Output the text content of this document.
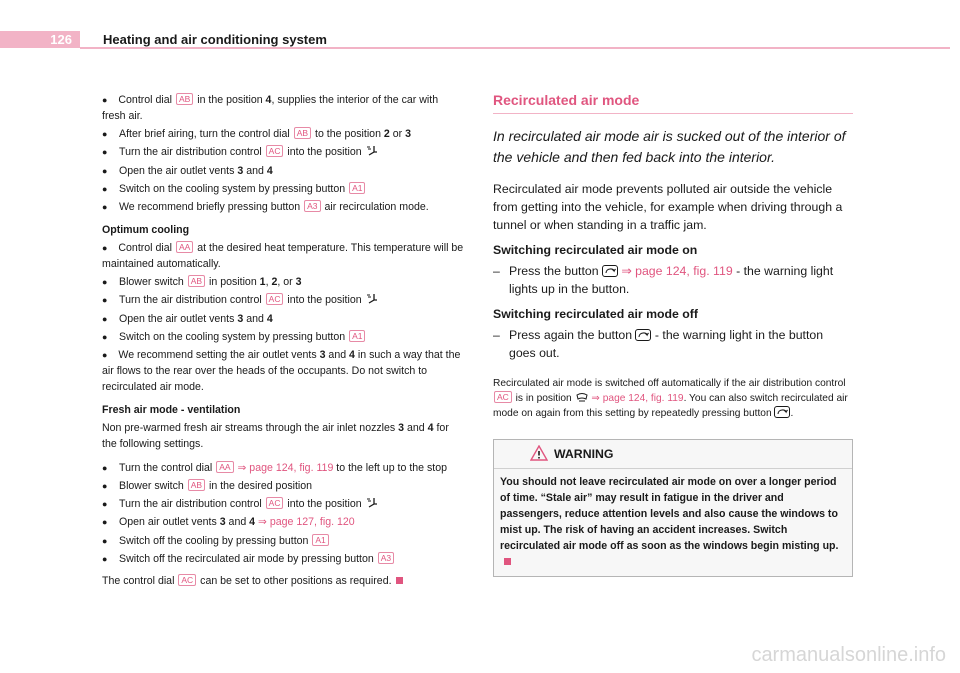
126	Heating and air conditioning system
● Control dial AB in the position 4, supplies the interior of the car with fresh air.
● After brief airing, turn the control dial AB to the position 2 or 3
● Turn the air distribution control AC into the position
● Open the air outlet vents 3 and 4
● Switch on the cooling system by pressing button A1
● We recommend briefly pressing button A3 air recirculation mode.
Optimum cooling
● Control dial AA at the desired heat temperature. This temperature will be maintained automatically.
● Blower switch AB in position 1, 2, or 3
● Turn the air distribution control AC into the position
● Open the air outlet vents 3 and 4
● Switch on the cooling system by pressing button A1
● We recommend setting the air outlet vents 3 and 4 in such a way that the air flows to the rear over the heads of the occupants. Do not switch to recirculated air mode.
Fresh air mode - ventilation
Non pre-warmed fresh air streams through the air inlet nozzles 3 and 4 for the following settings.
● Turn the control dial AA ⇒ page 124, fig. 119 to the left up to the stop
● Blower switch AB in the desired position
● Turn the air distribution control AC into the position
● Open air outlet vents 3 and 4 ⇒ page 127, fig. 120
● Switch off the cooling by pressing button A1
● Switch off the recirculated air mode by pressing button A3
The control dial AC can be set to other positions as required.
Recirculated air mode
In recirculated air mode air is sucked out of the interior of the vehicle and then fed back into the interior.
Recirculated air mode prevents polluted air outside the vehicle from getting into the vehicle, for example when driving through a tunnel or when standing in a traffic jam.
Switching recirculated air mode on
– Press the button
⇒ page 124, fig. 119 - the warning light lights up in the button.
Switching recirculated air mode off
– Press again the button
- the warning light in the button goes out.
Recirculated air mode is switched off automatically if the air distribution control AC is in position  ⇒ page 124, fig. 119. You can also switch recirculated air mode on again from this setting by repeatedly pressing button
.
WARNING
You should not leave recirculated air mode on over a longer period of time. “Stale air” may result in fatigue in the driver and passengers, reduce attention levels and also cause the windows to mist up. The risk of having an accident increases. Switch recirculated air mode off as soon as the windows begin misting up.
carmanualsonline.info
